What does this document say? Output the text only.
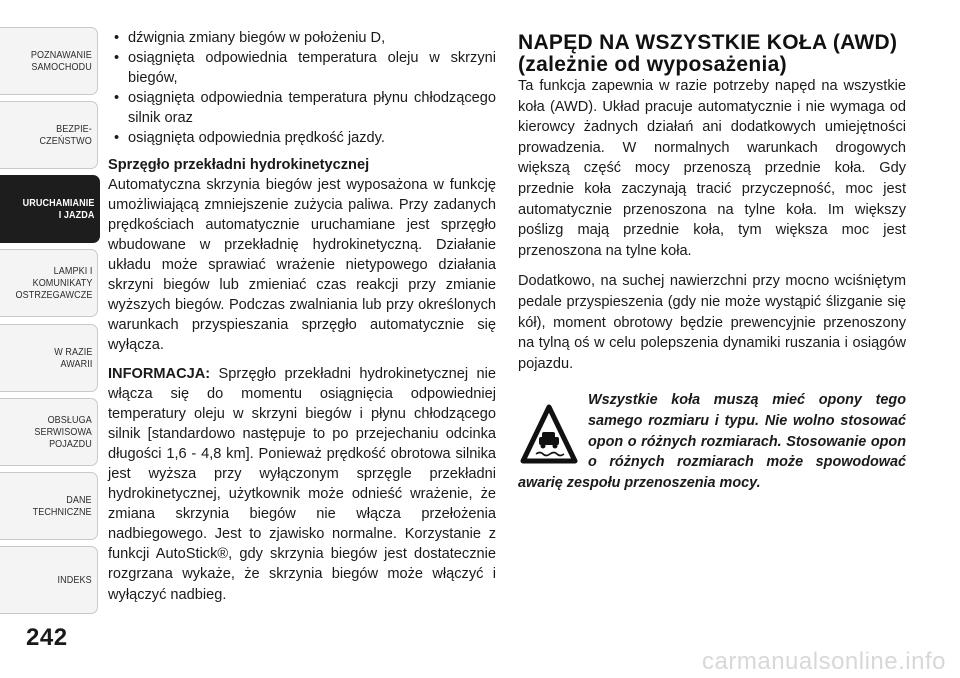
POZNAWANIE
SAMOCHODU
BEZPIE-
CZEŃSTWO
URUCHAMIANIE
I JAZDA
LAMPKI I
KOMUNIKATY
OSTRZEGAWCZE
W RAZIE
AWARII
OBSŁUGA
SERWISOWA
POJAZDU
DANE
TECHNICZNE
INDEKS
242
• dźwignia zmiany biegów w położeniu D,
• osiągnięta odpowiednia temperatura oleju w skrzyni biegów,
• osiągnięta odpowiednia temperatura płynu chłodzącego silnik oraz
• osiągnięta odpowiednia prędkość jazdy.

Sprzęgło przekładni hydrokinetycznej

Automatyczna skrzynia biegów jest wyposażona w funkcję umożliwiającą zmniejszenie zużycia paliwa. Przy zadanych prędkościach automatycznie uruchamiane jest sprzęgło wbudowane w przekładnię hydrokinetyczną. Działanie układu może sprawiać wrażenie nietypowego działania skrzyni biegów lub zmieniać czas reakcji przy zmianie wyższych biegów. Podczas zwalniania lub przy określonych warunkach przyspieszania sprzęgło automatycznie się wyłącza.

INFORMACJA: Sprzęgło przekładni hydrokinetycznej nie włącza się do momentu osiągnięcia odpowiedniej temperatury oleju w skrzyni biegów i płynu chłodzącego silnik [standardowo następuje to po przejechaniu odcinka długości 1,6 - 4,8 km]. Ponieważ prędkość obrotowa silnika jest wyższa przy wyłączonym sprzęgle przekładni hydrokinetycznej, użytkownik może odnieść wrażenie, że zmiana skrzynia biegów nie włącza przełożenia nadbiegowego. Jest to zjawisko normalne. Korzystanie z funkcji AutoStick®, gdy skrzynia biegów jest dostatecznie rozgrzana wykaże, że skrzynia biegów może włączyć i wyłączyć nadbieg.

NAPĘD NA WSZYSTKIE KOŁA (AWD) (zależnie od wyposażenia)

Ta funkcja zapewnia w razie potrzeby napęd na wszystkie koła (AWD). Układ pracuje automatycznie i nie wymaga od kierowcy żadnych działań ani dodatkowych umiejętności prowadzenia. W normalnych warunkach drogowych większą część mocy przenoszą przednie koła. Gdy przednie koła zaczynają tracić przyczepność, moc jest automatycznie przenoszona na tylne koła. Im większy poślizg mają przednie koła, tym większa moc jest przenoszona na tylne koła.

Dodatkowo, na suchej nawierzchni przy mocno wciśniętym pedale przyspieszenia (gdy nie może wystąpić ślizganie się kół), moment obrotowy będzie prewencyjnie przenoszony na tylną oś w celu polepszenia dynamiki ruszania i osiągów pojazdu.

Wszystkie koła muszą mieć opony tego samego rozmiaru i typu. Nie wolno stosować opon o różnych rozmiarach. Stosowanie opon o różnych rozmiarach może spowodować awarię zespołu przenoszenia mocy.

carmanualsonline.info
